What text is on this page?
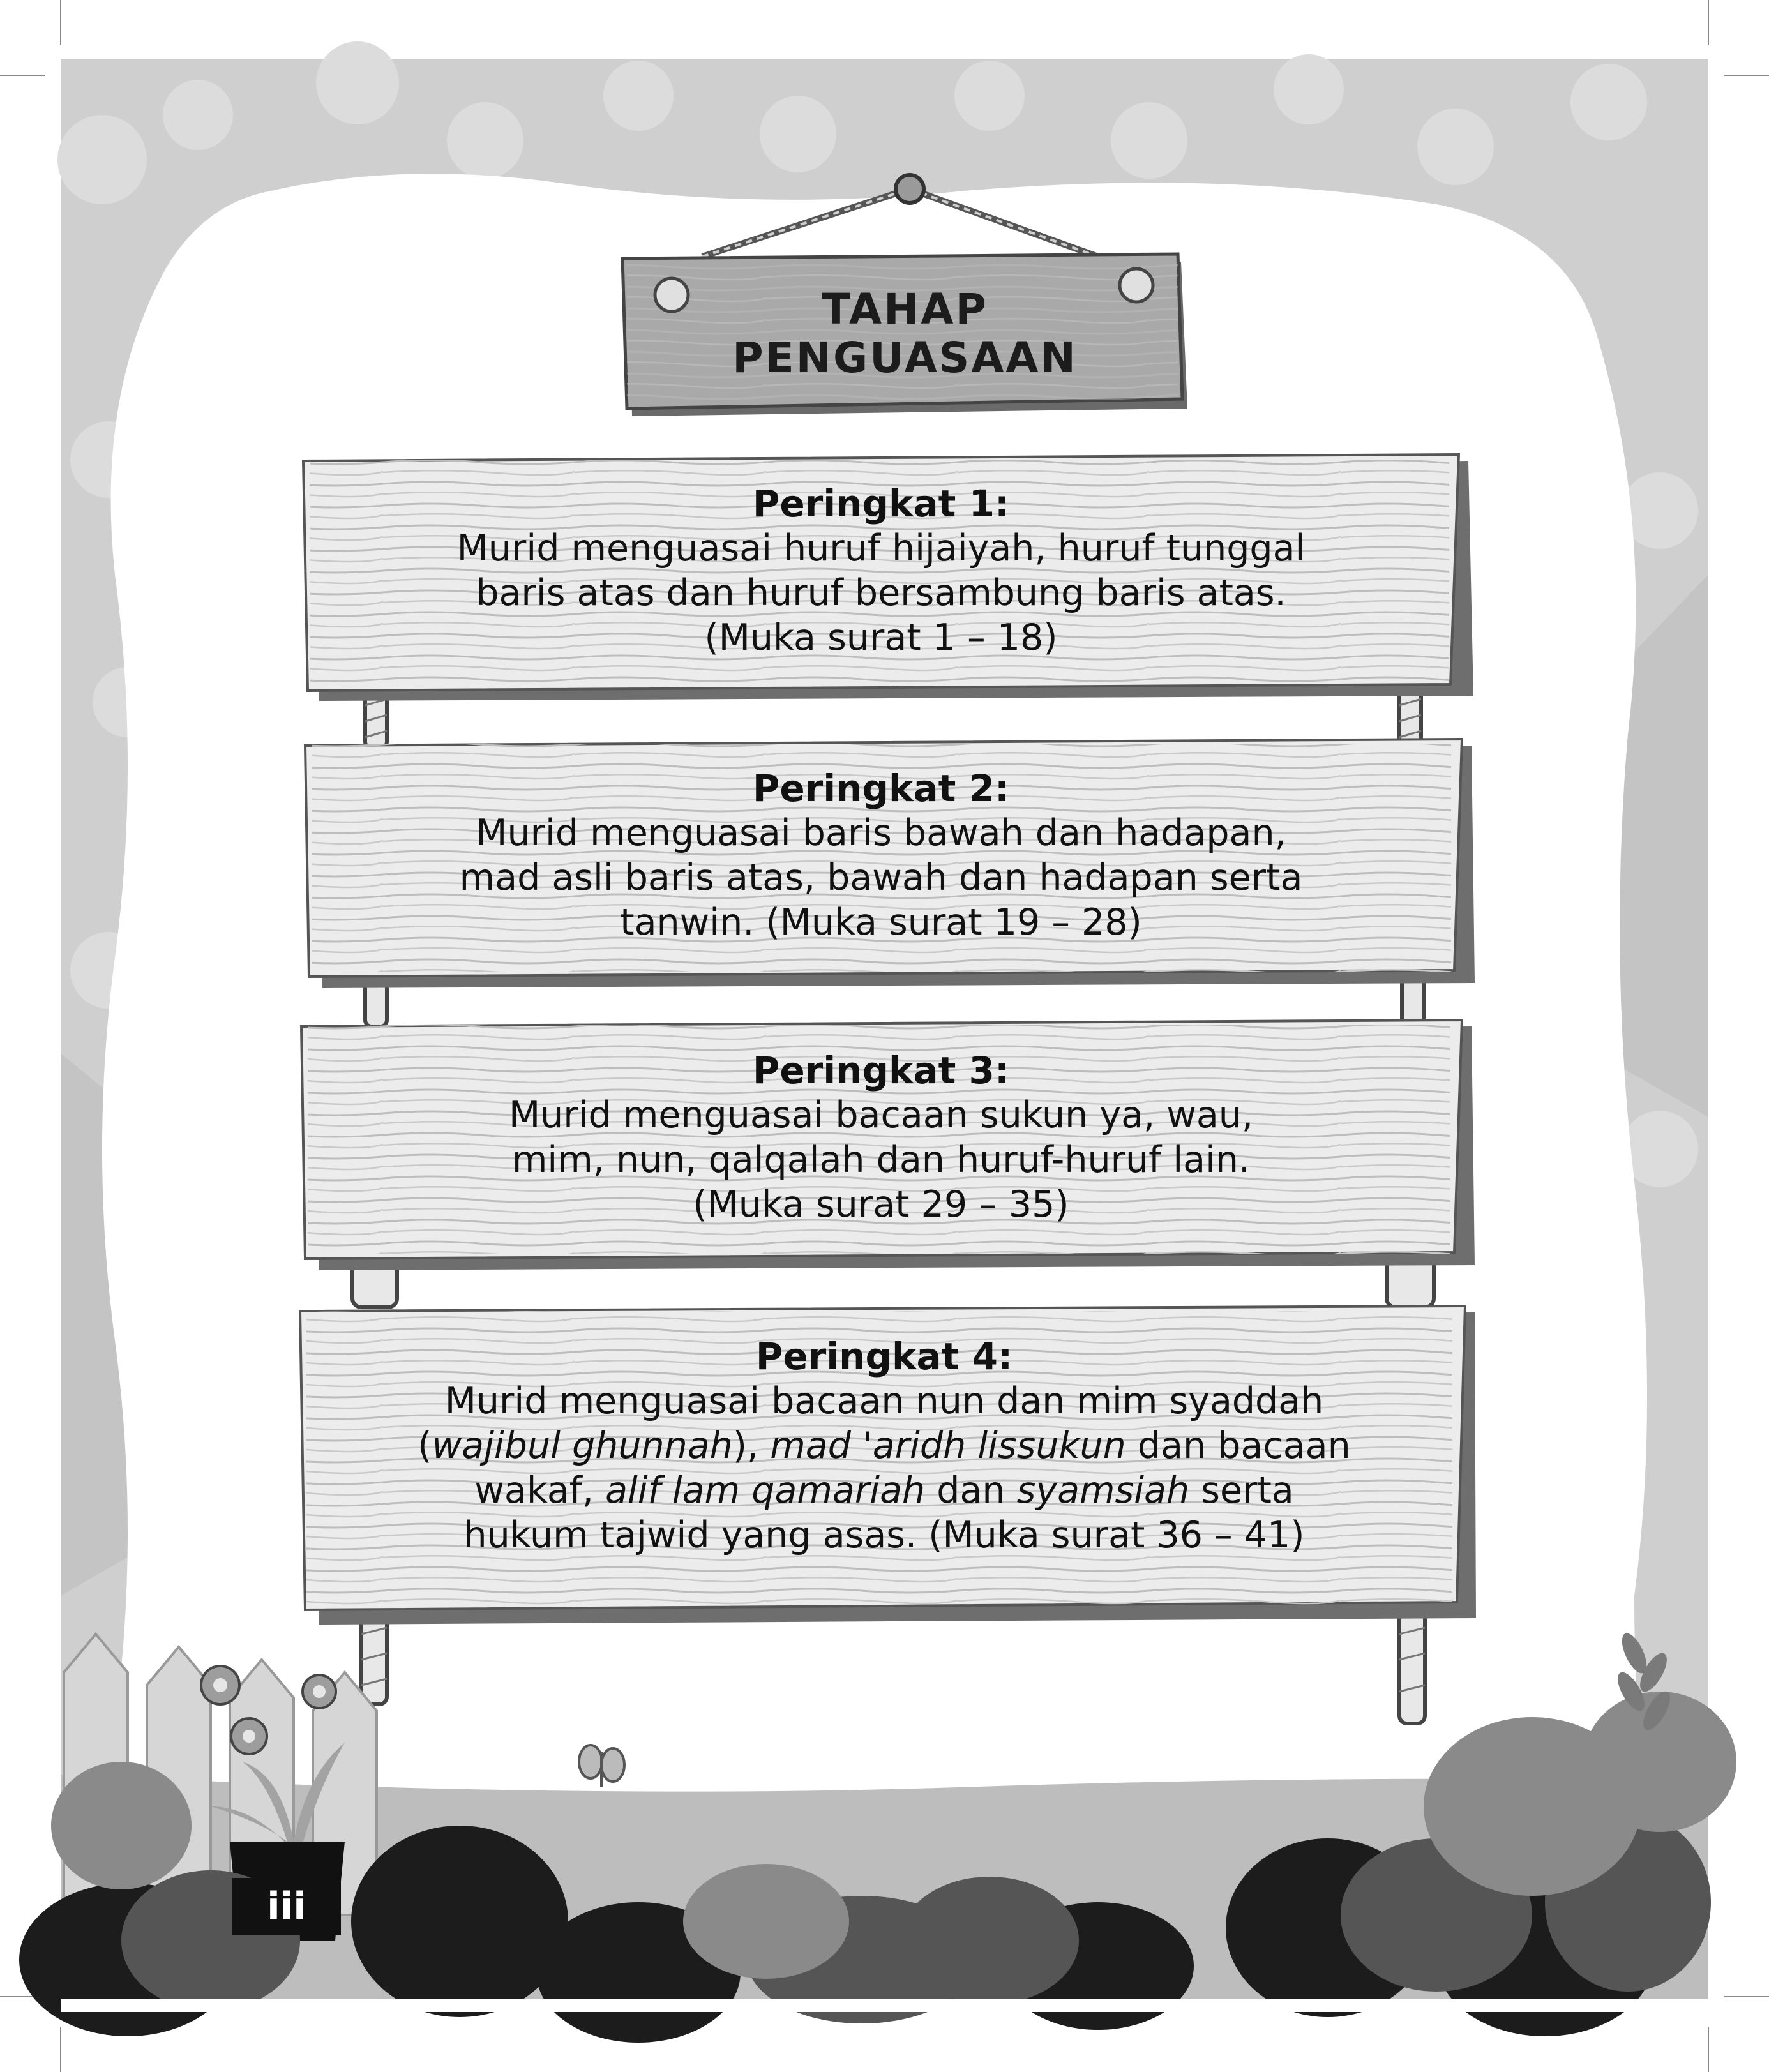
TAHAP
PENGUASAAN
Peringkat 1:
Murid menguasai huruf hijaiyah, huruf tunggal
baris atas dan huruf bersambung baris atas.
(Muka surat 1 – 18)
Peringkat 2:
Murid menguasai baris bawah dan hadapan,
mad asli baris atas, bawah dan hadapan serta
tanwin. (Muka surat 19 – 28)
Peringkat 3:
Murid menguasai bacaan sukun ya, wau,
mim, nun, qalqalah dan huruf-huruf lain.
(Muka surat 29 – 35)
Peringkat 4:
Murid menguasai bacaan nun dan mim syaddah
(wajibul ghunnah), mad 'aridh lissukun dan bacaan
wakaf, alif lam qamariah dan syamsiah serta
hukum tajwid yang asas. (Muka surat 36 – 41)
iii
